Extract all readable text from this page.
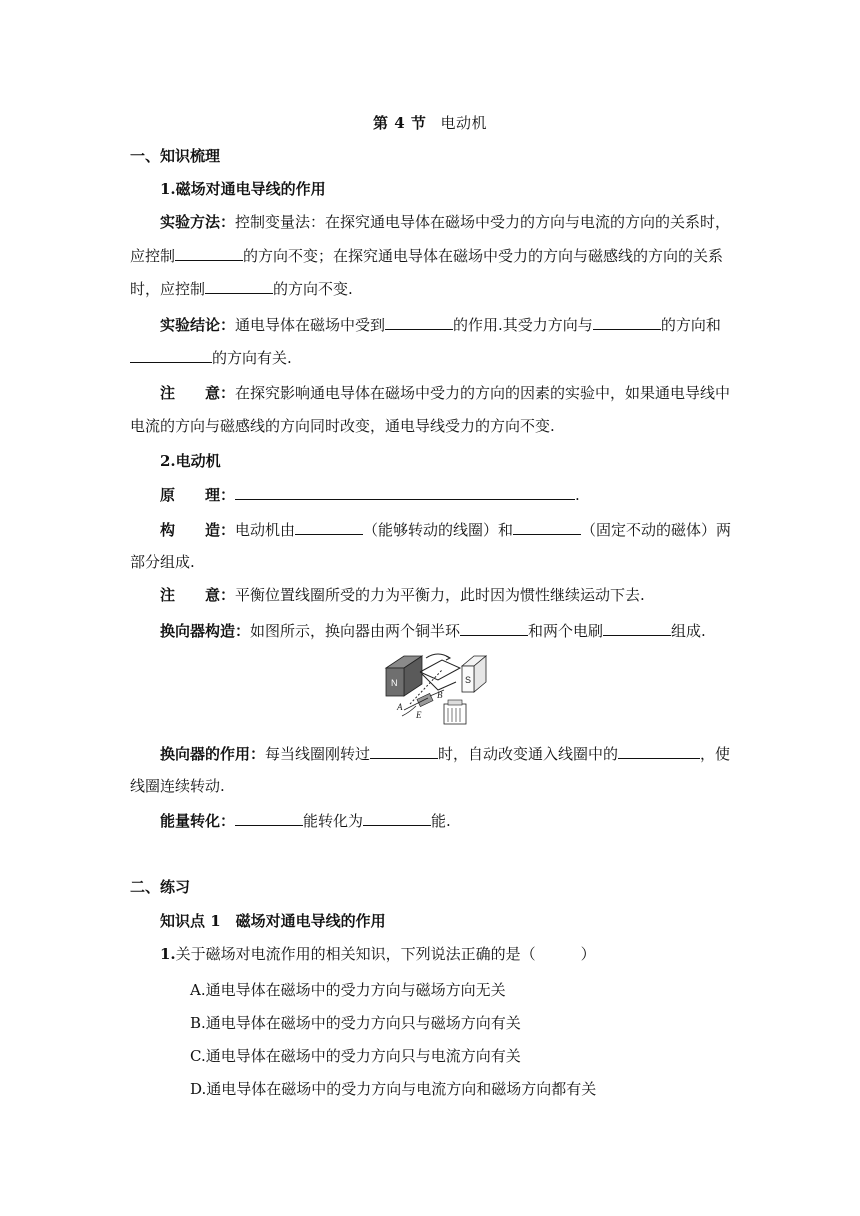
第 4 节 电动机
一、知识梳理
1.磁场对通电导线的作用
实验方法：控制变量法：在探究通电导体在磁场中受力的方向与电流的方向的关系时，
应控制	的方向不变；在探究通电导体在磁场中受力的方向与磁感线的方向的关系
时，应控制	的方向不变.
实验结论：通电导体在磁场中受到	的作用.其受力方向与	的方向和
的方向有关.
注　　意：在探究影响通电导体在磁场中受力的方向的因素的实验中，如果通电导线中
电流的方向与磁感线的方向同时改变，通电导线受力的方向不变.
2.电动机
原　　理：	.
构　　造：电动机由	（能够转动的线圈）和	（固定不动的磁体）两
部分组成.
注　　意：平衡位置线圈所受的力为平衡力，此时因为惯性继续运动下去.
换向器构造：如图所示，换向器由两个铜半环	和两个电刷	组成.
N	S
A
B
E
换向器的作用：每当线圈刚转过	时，自动改变通入线圈中的	，使
线圈连续转动.
能量转化：	能转化为	能.
二、练习
知识点 1　磁场对通电导线的作用
1.关于磁场对电流作用的相关知识，下列说法正确的是（　　　）
A.通电导体在磁场中的受力方向与磁场方向无关
B.通电导体在磁场中的受力方向只与磁场方向有关
C.通电导体在磁场中的受力方向只与电流方向有关
D.通电导体在磁场中的受力方向与电流方向和磁场方向都有关
